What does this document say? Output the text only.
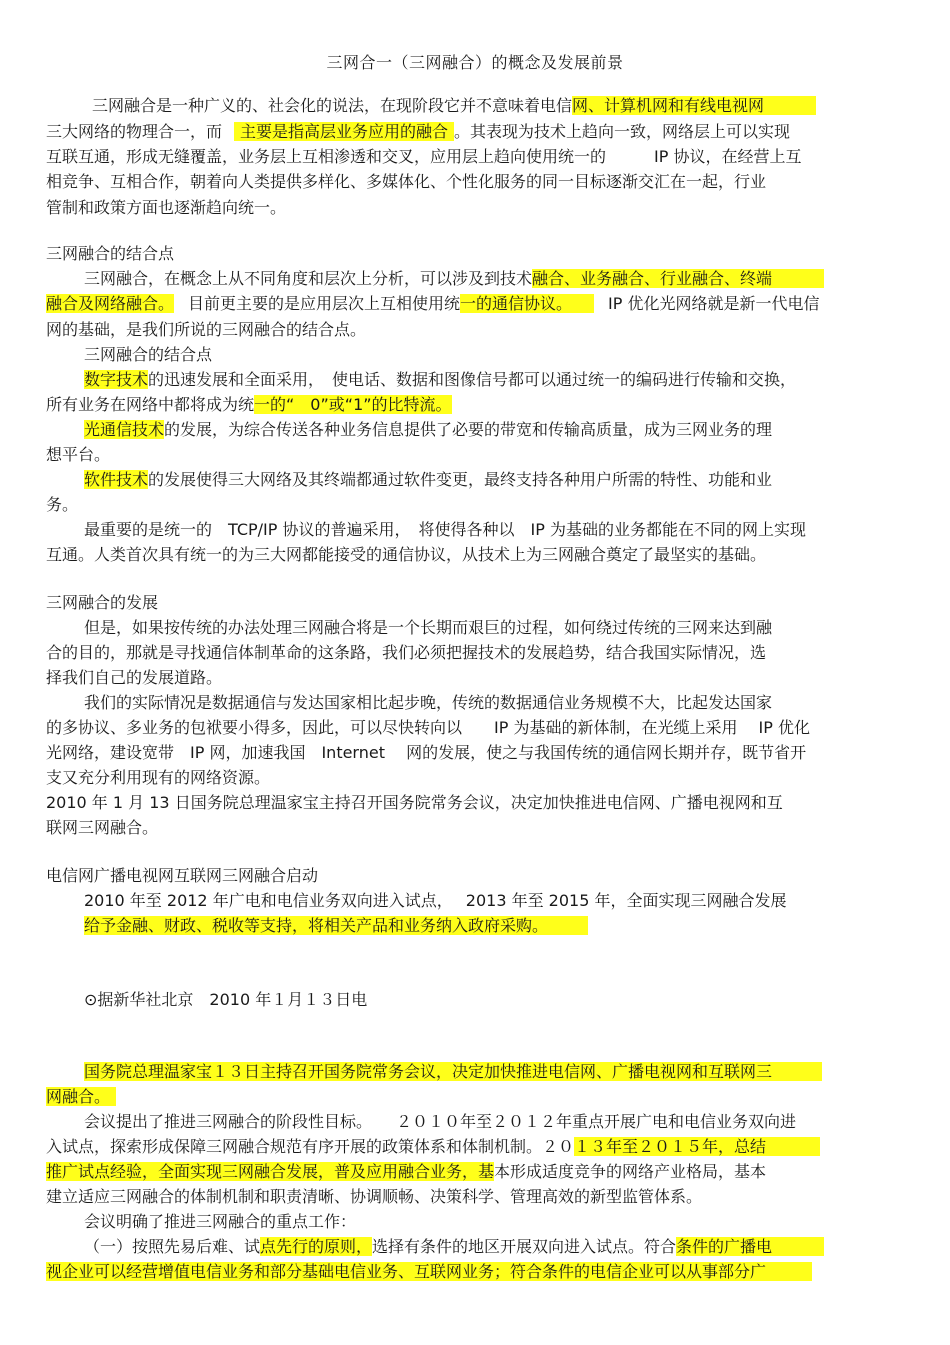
三网合一（三网融合）的概念及发展前景
三网融合是一种广义的、社会化的说法，在现阶段它并不意味着电信网、计算机网和有线电视网
三大网络的物理合一，而 主要是指高层业务应用的融合 。其表现为技术上趋向一致，网络层上可以实现
互联互通，形成无缝覆盖，业务层上互相渗透和交叉，应用层上趋向使用统一的	IP 协议，在经营上互
相竞争、互相合作，朝着向人类提供多样化、多媒体化、个性化服务的同一目标逐渐交汇在一起，行业
管制和政策方面也逐渐趋向统一。
三网融合的结合点
三网融合，在概念上从不同角度和层次上分析，可以涉及到技术融合、业务融合、行业融合、终端
融合及网络融合。 目前更主要的是应用层次上互相使用统一的通信协议。 IP 优化光网络就是新一代电信
网的基础，是我们所说的三网融合的结合点。
三网融合的结合点
数字技术的迅速发展和全面采用，　使电话、数据和图像信号都可以通过统一的编码进行传输和交换，
所有业务在网络中都将成为统一的“　0”或“1”的比特流。
光通信技术的发展，为综合传送各种业务信息提供了必要的带宽和传输高质量，成为三网业务的理
想平台。
软件技术的发展使得三大网络及其终端都通过软件变更，最终支持各种用户所需的特性、功能和业
务。
最重要的是统一的　TCP/IP 协议的普遍采用，　将使得各种以　IP 为基础的业务都能在不同的网上实现
互通。人类首次具有统一的为三大网都能接受的通信协议，从技术上为三网融合奠定了最坚实的基础。
三网融合的发展
但是，如果按传统的办法处理三网融合将是一个长期而艰巨的过程，如何绕过传统的三网来达到融
合的目的，那就是寻找通信体制革命的这条路，我们必须把握技术的发展趋势，结合我国实际情况，选
择我们自己的发展道路。
我们的实际情况是数据通信与发达国家相比起步晚，传统的数据通信业务规模不大，比起发达国家
的多协议、多业务的包袱要小得多，因此，可以尽快转向以　　IP 为基础的新体制，在光缆上采用　 IP 优化
光网络，建设宽带　IP 网，加速我国　Internet　 网的发展，使之与我国传统的通信网长期并存，既节省开
支又充分利用现有的网络资源。
2010 年 1 月 13 日国务院总理温家宝主持召开国务院常务会议，决定加快推进电信网、广播电视网和互
联网三网融合。
电信网广播电视网互联网三网融合启动
2010 年至 2012 年广电和电信业务双向进入试点，　 2013 年至 2015 年，全面实现三网融合发展
给予金融、财政、税收等支持，将相关产品和业务纳入政府采购。
⊙据新华社北京　2010 年１月１３日电
国务院总理温家宝１３日主持召开国务院常务会议，决定加快推进电信网、广播电视网和互联网三
网融合。
会议提出了推进三网融合的阶段性目标。　　２０１０年至２０１２年重点开展广电和电信业务双向进
入试点，探索形成保障三网融合规范有序开展的政策体系和体制机制。２０１３年至２０１５年，总结
推广试点经验，全面实现三网融合发展，普及应用融合业务，基本形成适度竞争的网络产业格局，基本
建立适应三网融合的体制机制和职责清晰、协调顺畅、决策科学、管理高效的新型监管体系。
会议明确了推进三网融合的重点工作：
（一）按照先易后难、试点先行的原则，选择有条件的地区开展双向进入试点。符合条件的广播电
视企业可以经营增值电信业务和部分基础电信业务、互联网业务；符合条件的电信企业可以从事部分广
